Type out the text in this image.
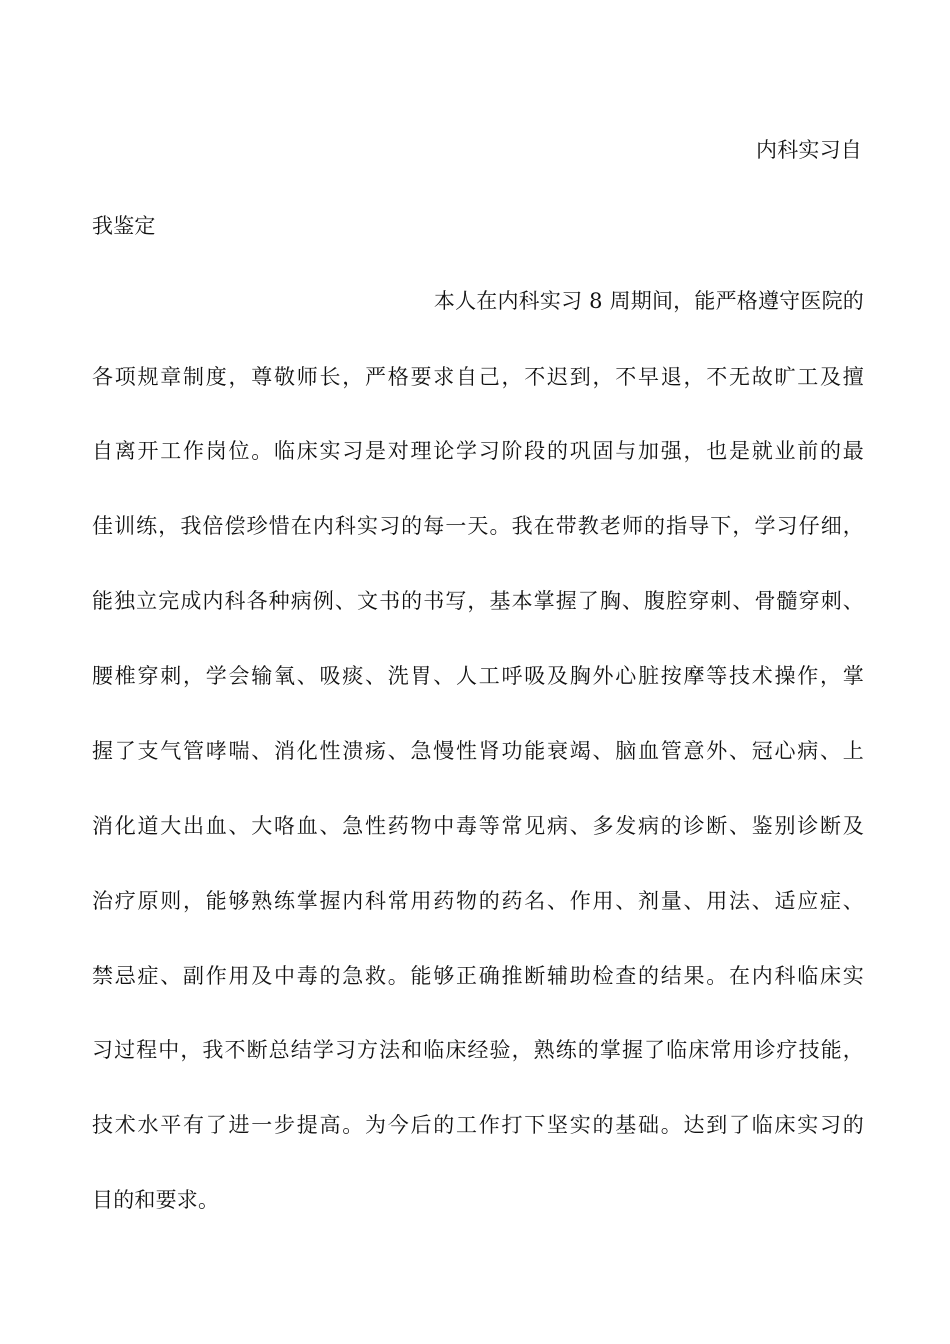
内科实习自
我鉴定
本人在内科实习 8 周期间，能严格遵守医院的
各项规章制度，尊敬师长，严格要求自己，不迟到，不早退，不无故旷工及擅
自离开工作岗位。临床实习是对理论学习阶段的巩固与加强，也是就业前的最
佳训练，我倍偿珍惜在内科实习的每一天。我在带教老师的指导下，学习仔细，
能独立完成内科各种病例、文书的书写，基本掌握了胸、腹腔穿刺、骨髓穿刺、
腰椎穿刺，学会输氧、吸痰、洗胃、人工呼吸及胸外心脏按摩等技术操作，掌
握了支气管哮喘、消化性溃疡、急慢性肾功能衰竭、脑血管意外、冠心病、上
消化道大出血、大咯血、急性药物中毒等常见病、多发病的诊断、鉴别诊断及
治疗原则，能够熟练掌握内科常用药物的药名、作用、剂量、用法、适应症、
禁忌症、副作用及中毒的急救。能够正确推断辅助检查的结果。在内科临床实
习过程中，我不断总结学习方法和临床经验，熟练的掌握了临床常用诊疗技能，
技术水平有了进一步提高。为今后的工作打下坚实的基础。达到了临床实习的
目的和要求。
